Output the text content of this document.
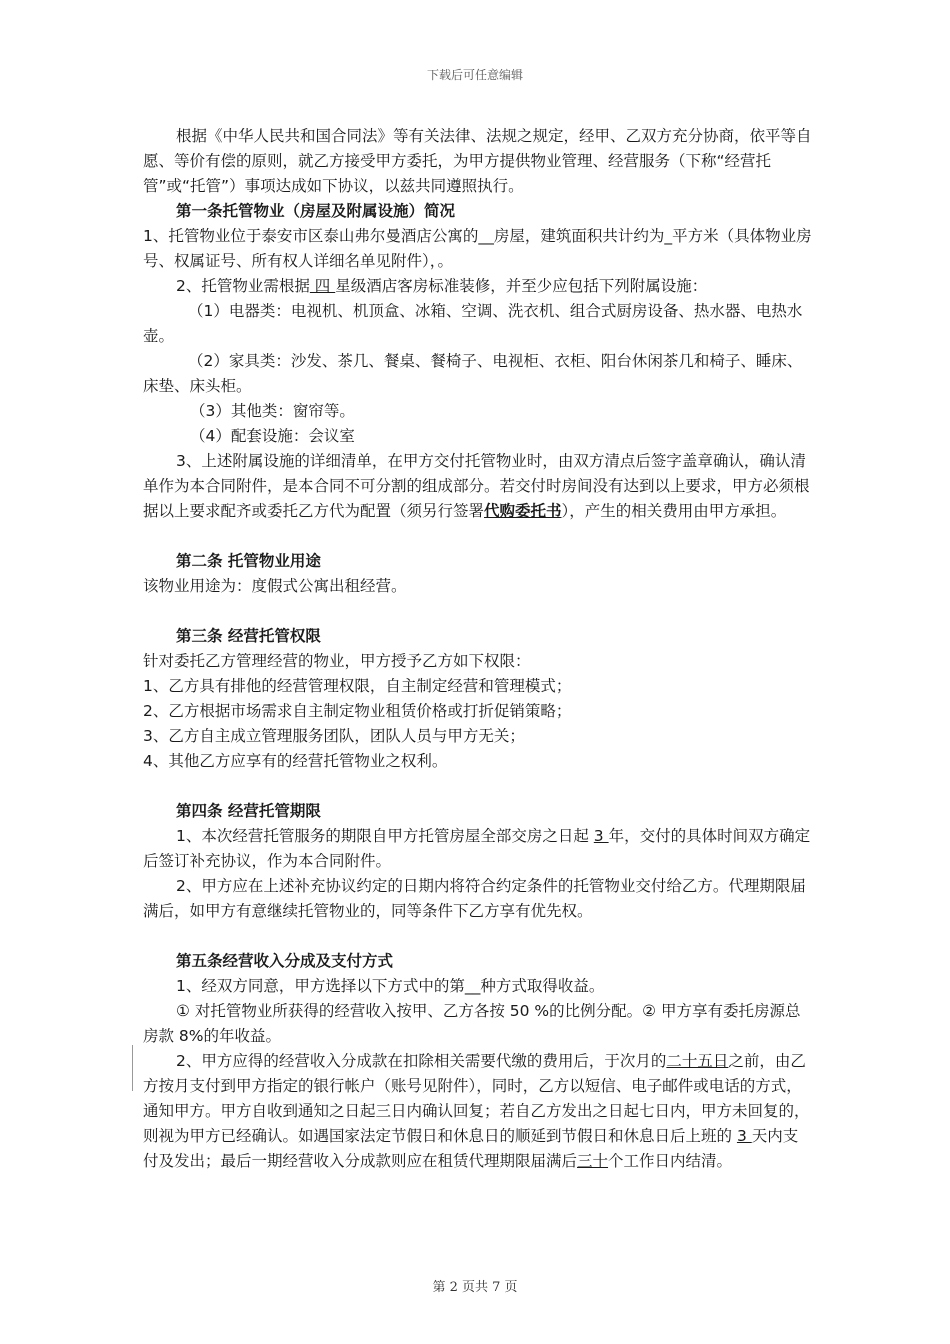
下载后可任意编辑

根据《中华人民共和国合同法》等有关法律、法规之规定，经甲、乙双方充分协商，依平等自愿、等价有偿的原则，就乙方接受甲方委托，为甲方提供物业管理、经营服务（下称“经营托管”或“托管”）事项达成如下协议，以兹共同遵照执行。

第一条托管物业（房屋及附属设施）简况

1、托管物业位于泰安市区泰山弗尔曼酒店公寓的__房屋，建筑面积共计约为_平方米（具体物业房号、权属证号、所有权人详细名单见附件），。

2、托管物业需根据 四 星级酒店客房标准装修，并至少应包括下列附属设施：

（1）电器类：电视机、机顶盒、冰箱、空调、洗衣机、组合式厨房设备、热水器、电热水壶。

（2）家具类：沙发、茶几、餐桌、餐椅子、电视柜、衣柜、阳台休闲茶几和椅子、睡床、床垫、床头柜。

（3）其他类：窗帘等。

（4）配套设施：会议室

3、上述附属设施的详细清单，在甲方交付托管物业时，由双方清点后签字盖章确认，确认清单作为本合同附件，是本合同不可分割的组成部分。若交付时房间没有达到以上要求，甲方必须根据以上要求配齐或委托乙方代为配置（须另行签署代购委托书），产生的相关费用由甲方承担。

第二条 托管物业用途

该物业用途为：度假式公寓出租经营。

第三条 经营托管权限

针对委托乙方管理经营的物业，甲方授予乙方如下权限：

1、乙方具有排他的经营管理权限，自主制定经营和管理模式；

2、乙方根据市场需求自主制定物业租赁价格或打折促销策略；

3、乙方自主成立管理服务团队，团队人员与甲方无关；

4、其他乙方应享有的经营托管物业之权利。

第四条 经营托管期限

1、本次经营托管服务的期限自甲方托管房屋全部交房之日起 3 年，交付的具体时间双方确定后签订补充协议，作为本合同附件。

2、甲方应在上述补充协议约定的日期内将符合约定条件的托管物业交付给乙方。代理期限届满后，如甲方有意继续托管物业的，同等条件下乙方享有优先权。

第五条经营收入分成及支付方式

1、经双方同意，甲方选择以下方式中的第__种方式取得收益。

① 对托管物业所获得的经营收入按甲、乙方各按 50 %的比例分配。② 甲方享有委托房源总房款 8%的年收益。

2、甲方应得的经营收入分成款在扣除相关需要代缴的费用后，于次月的二十五日之前，由乙方按月支付到甲方指定的银行帐户（账号见附件），同时，乙方以短信、电子邮件或电话的方式，通知甲方。甲方自收到通知之日起三日内确认回复；若自乙方发出之日起七日内，甲方未回复的，则视为甲方已经确认。如遇国家法定节假日和休息日的顺延到节假日和休息日后上班的 3 天内支付及发出；最后一期经营收入分成款则应在租赁代理期限届满后三十个工作日内结清。

第 2 页共 7 页
